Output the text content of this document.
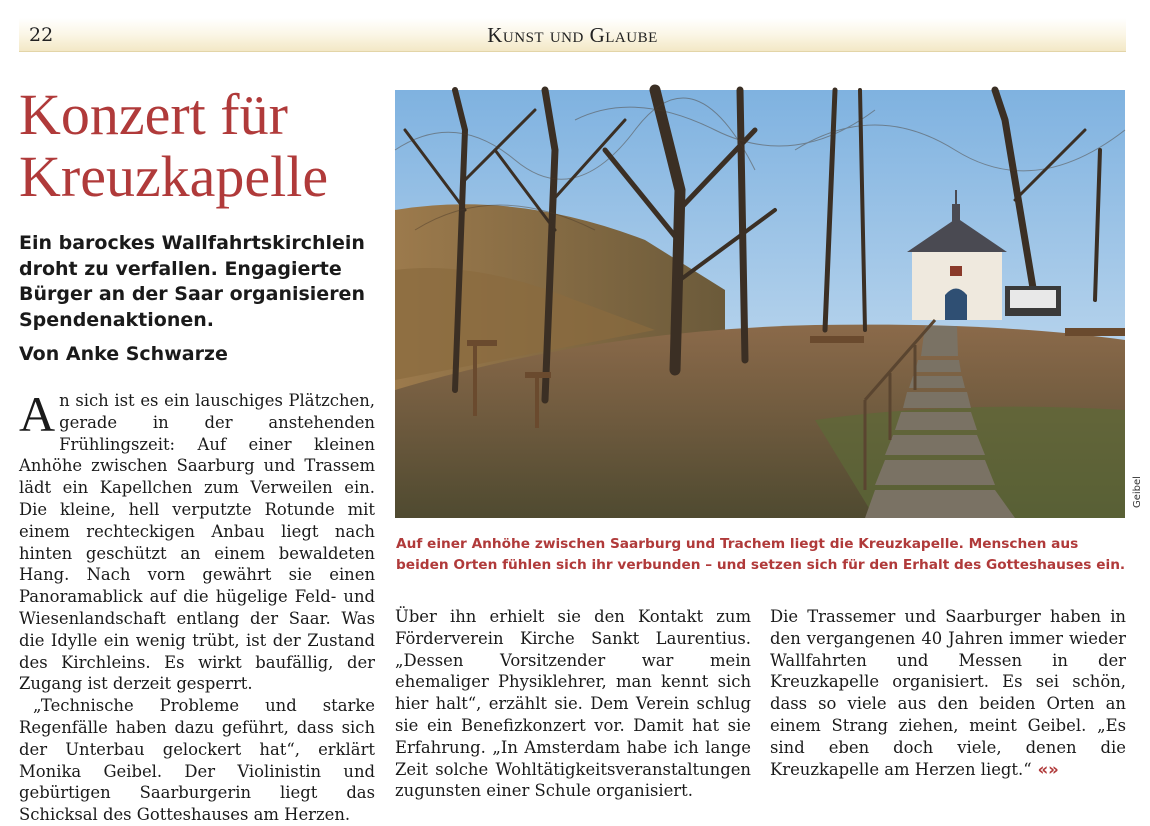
22	Kunst und Glaube
Konzert für Kreuzkapelle
Ein barockes Wallfahrtskirchlein droht zu verfallen. Engagierte Bürger an der Saar organisieren Spendenaktionen.
Von Anke Schwarze

An sich ist es ein lauschiges Plätzchen, gerade in der anstehenden Frühlingszeit: Auf einer kleinen Anhöhe zwischen Saarburg und Trassem lädt ein Kapellchen zum Verweilen ein. Die kleine, hell verputzte Rotunde mit einem rechteckigen Anbau liegt nach hinten geschützt an einem bewaldeten Hang. Nach vorn gewährt sie einen Panoramablick auf die hügelige Feld- und Wiesenlandschaft entlang der Saar. Was die Idylle ein wenig trübt, ist der Zustand des Kirchleins. Es wirkt baufällig, der Zugang ist derzeit gesperrt.

„Technische Probleme und starke Regenfälle haben dazu geführt, dass sich der Unterbau gelockert hat“, erklärt Monika Geibel. Der Violinistin und gebürtigen Saarburgerin liegt das Schicksal des Gotteshauses am Herzen.

Geibel
Auf einer Anhöhe zwischen Saarburg und Trachem liegt die Kreuzkapelle. Menschen aus beiden Orten fühlen sich ihr verbunden – und setzen sich für den Erhalt des Gotteshauses ein.

Über ihn erhielt sie den Kontakt zum Förderverein Kirche Sankt Laurentius. „Dessen Vorsitzender war mein ehemaliger Physiklehrer, man kennt sich hier halt“, erzählt sie. Dem Verein schlug sie ein Benefizkonzert vor. Damit hat sie Erfahrung. „In Amsterdam habe ich lange Zeit solche Wohltätigkeitsveranstaltungen zugunsten einer Schule organisiert.

Die Trassemer und Saarburger haben in den vergangenen 40 Jahren immer wieder Wallfahrten und Messen in der Kreuzkapelle organisiert. Es sei schön, dass so viele aus den beiden Orten an einem Strang ziehen, meint Geibel. „Es sind eben doch viele, denen die Kreuzkapelle am Herzen liegt.“ «»
